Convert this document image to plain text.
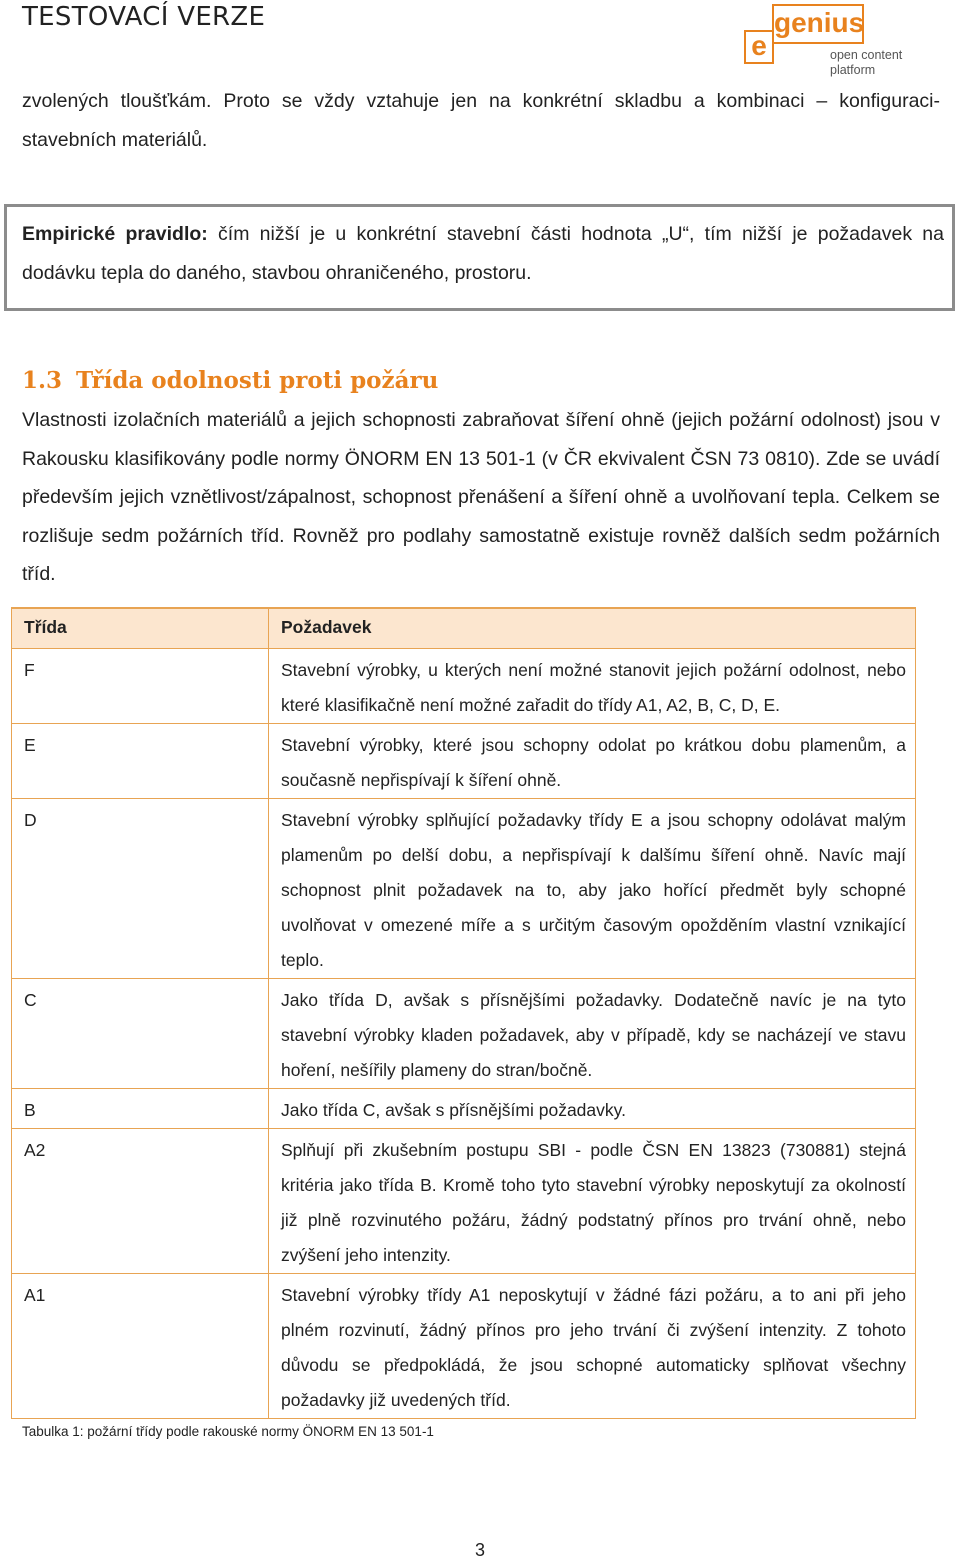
TESTOVACÍ VERZE
e
genius
open content
platform

zvolených tloušťkám. Proto se vždy vztahuje jen na konkrétní skladbu a kombinaci – konfiguraci-stavebních materiálů.

Empirické pravidlo: čím nižší je u konkrétní stavební části hodnota „U“, tím nižší je požadavek na dodávku tepla do daného, stavbou ohraničeného, prostoru.

1.3 Třída odolnosti proti požáru

Vlastnosti izolačních materiálů a jejich schopnosti zabraňovat šíření ohně (jejich požární odolnost) jsou v Rakousku klasifikovány podle normy ÖNORM EN 13 501-1 (v ČR ekvivalent ČSN 73 0810). Zde se uvádí především jejich vznětlivost/zápalnost, schopnost přenášení a šíření ohně a uvolňovaní tepla. Celkem se rozlišuje sedm požárních tříd. Rovněž pro podlahy samostatně existuje rovněž dalších sedm požárních tříd.

Třída	Požadavek
F	Stavební výrobky, u kterých není možné stanovit jejich požární odolnost, nebo které klasifikačně není možné zařadit do třídy A1, A2, B, C, D, E.
E	Stavební výrobky, které jsou schopny odolat po krátkou dobu plamenům, a současně nepřispívají k šíření ohně.
D	Stavební výrobky splňující požadavky třídy E a jsou schopny odolávat malým plamenům po delší dobu, a nepřispívají k dalšímu šíření ohně. Navíc mají schopnost plnit požadavek na to, aby jako hořící předmět byly schopné uvolňovat v omezené míře a s určitým časovým opožděním vlastní vznikající teplo.
C	Jako třída D, avšak s přísnějšími požadavky. Dodatečně navíc je na tyto stavební výrobky kladen požadavek, aby v případě, kdy se nacházejí ve stavu hoření, nešířily plameny do stran/bočně.
B	Jako třída C, avšak s přísnějšími požadavky.
A2	Splňují při zkušebním postupu SBI - podle ČSN EN 13823 (730881) stejná kritéria jako třída B. Kromě toho tyto stavební výrobky neposkytují za okolností již plně rozvinutého požáru, žádný podstatný přínos pro trvání ohně, nebo zvýšení jeho intenzity.
A1	Stavební výrobky třídy A1 neposkytují v žádné fázi požáru, a to ani při jeho plném rozvinutí, žádný přínos pro jeho trvání či zvýšení intenzity. Z tohoto důvodu se předpokládá, že jsou schopné automaticky splňovat všechny požadavky již uvedených tříd.
Tabulka 1: požární třídy podle rakouské normy ÖNORM EN 13 501-1
3
